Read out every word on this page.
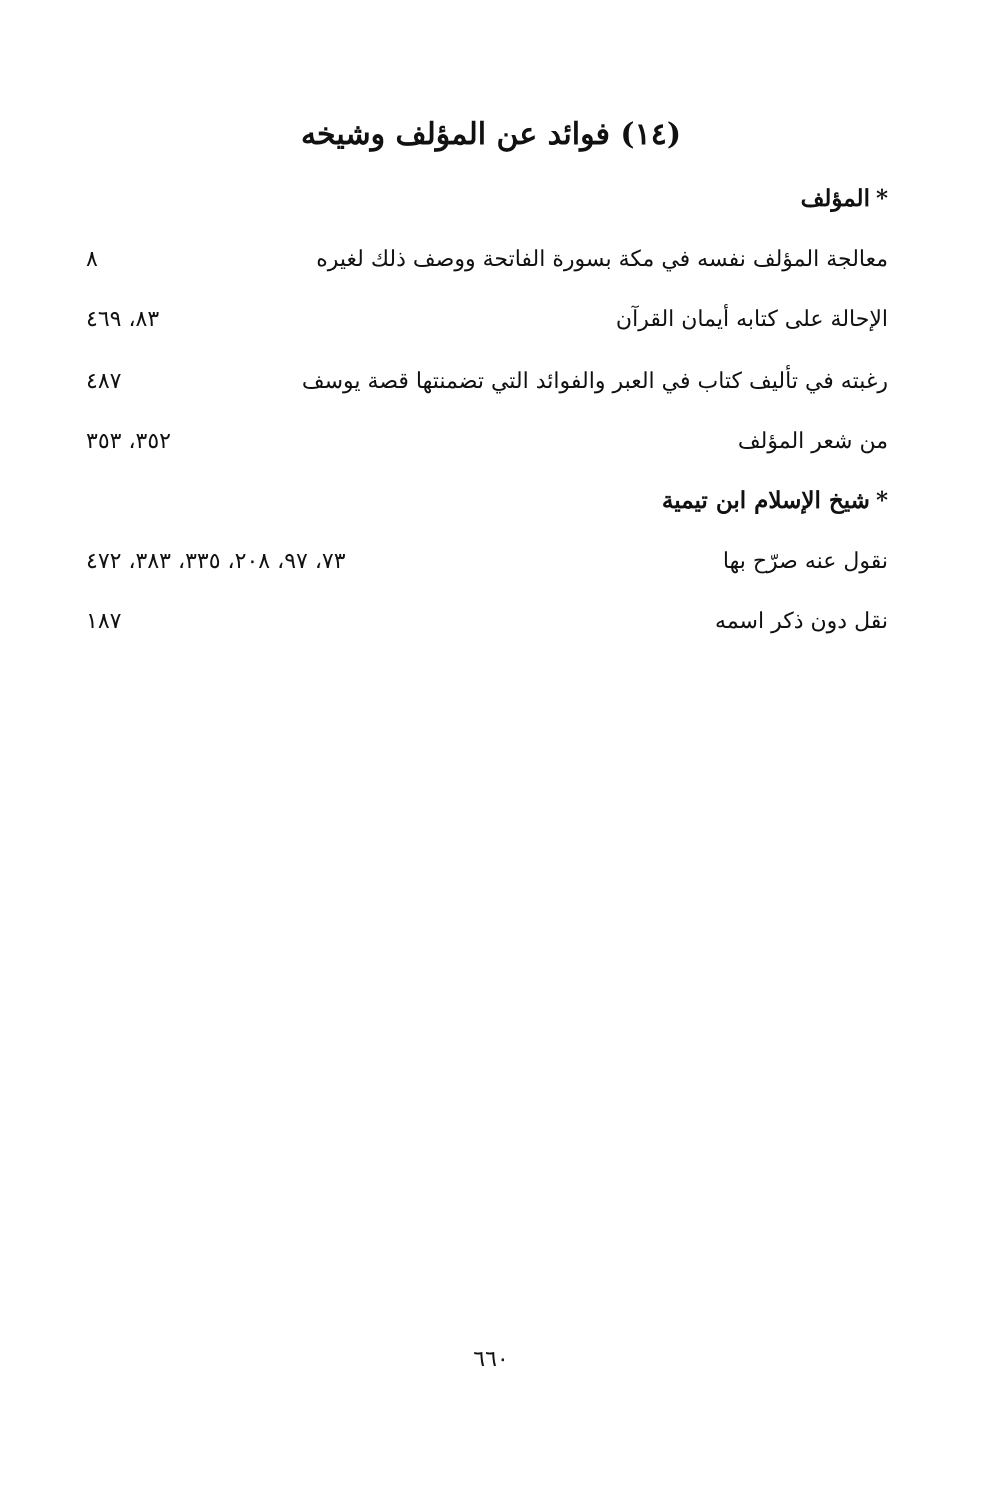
(١٤) فوائد عن المؤلف وشيخه
*المؤلف
معالجة المؤلف نفسه في مكة بسورة الفاتحة ووصف ذلك لغيره
٨
الإحالة على كتابه أيمان القرآن
٨٣، ٤٦٩
رغبته في تأليف كتاب في العبر والفوائد التي تضمنتها قصة يوسف
٤٨٧
من شعر المؤلف
٣٥٢، ٣٥٣
*شيخ الإسلام ابن تيمية
نقول عنه صرّح بها
٧٣، ٩٧، ٢٠٨، ٣٣٥، ٣٨٣، ٤٧٢
نقل دون ذكر اسمه
١٨٧
٦٦٠
